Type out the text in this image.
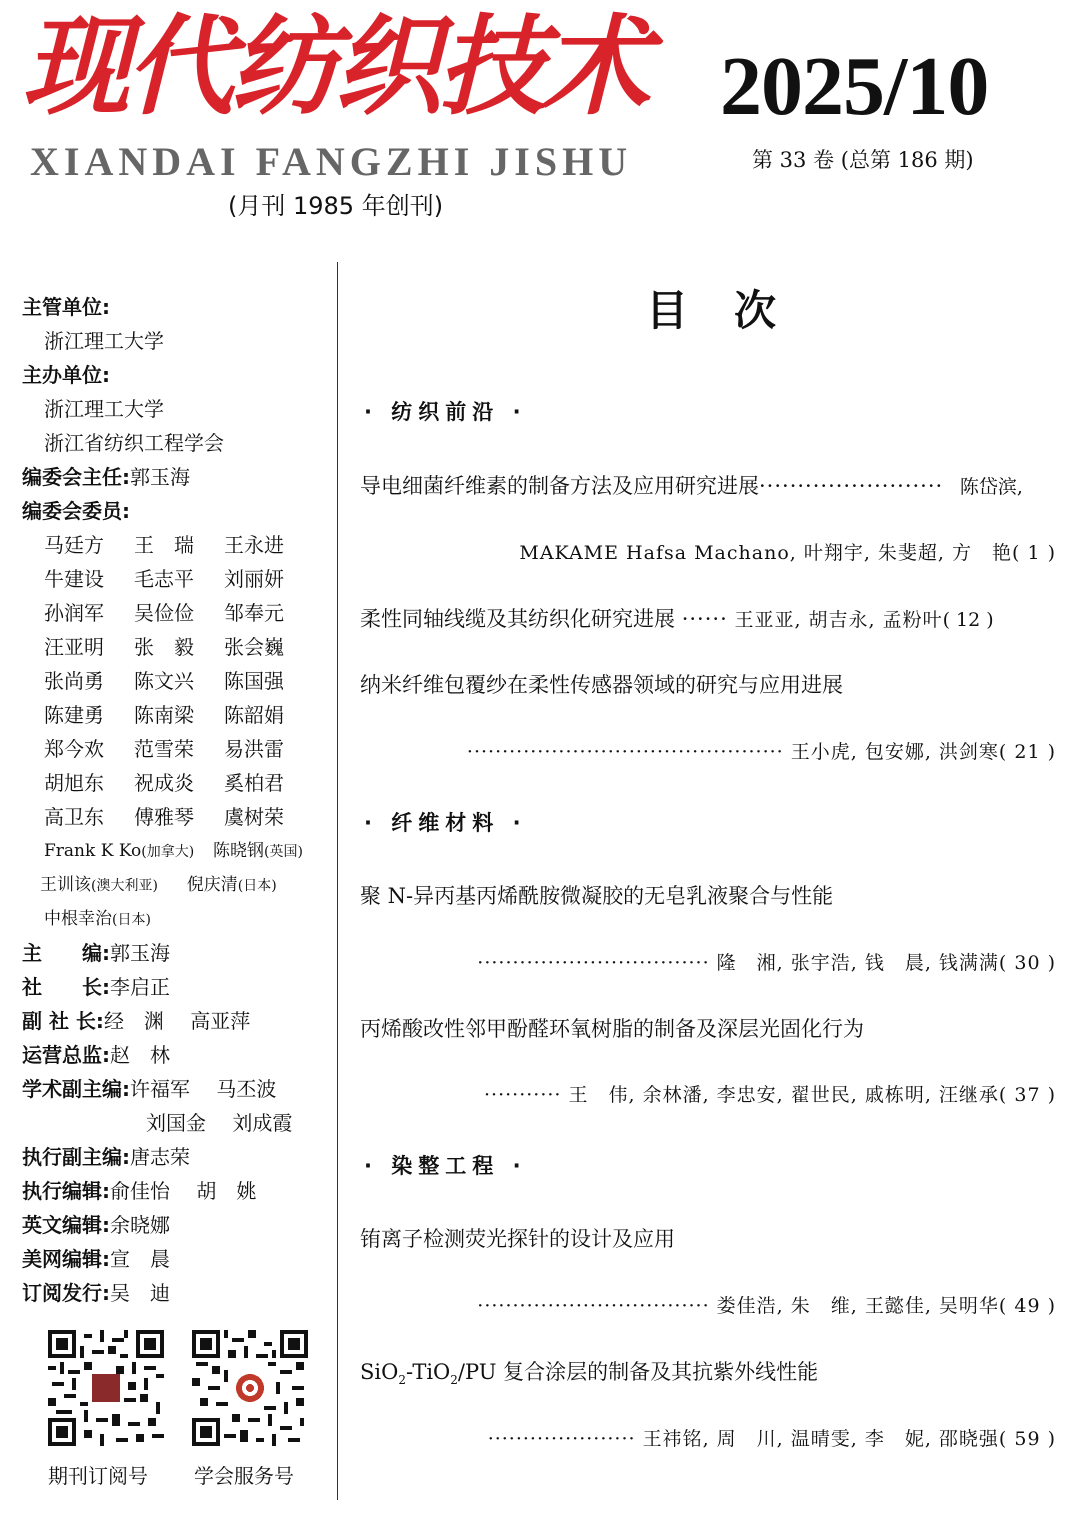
现代纺织技术
XIANDAI FANGZHI JISHU
(月刊 1985 年创刊)
2025/10
第 33 卷 (总第 186 期)
主管单位:
浙江理工大学
主办单位:
浙江理工大学
浙江省纺织工程学会
编委会主任:郭玉海
编委会委员:
马廷方 王　瑞 王永进
牛建设 毛志平 刘丽妍
孙润军 吴俭俭 邹奉元
汪亚明 张　毅 张会巍
张尚勇 陈文兴 陈国强
陈建勇 陈南梁 陈韶娟
郑今欢 范雪荣 易洪雷
胡旭东 祝成炎 奚柏君
高卫东 傅雅琴 虞树荣
Frank K Ko(加拿大) 陈晓钢(英国)
王训该(澳大利亚) 倪庆清(日本)
中根幸治(日本)
主　　编:郭玉海
社　　长:李启正
副 社 长:经　渊　 高亚萍
运营总监:赵　林
学术副主编:许福军　 马丕波
刘国金　 刘成霞
执行副主编:唐志荣
执行编辑:俞佳怡　 胡　姚
英文编辑:余晓娜
美网编辑:宣　晨
订阅发行:吴　迪
期刊订阅号 学会服务号
目次
· 纺织前沿 ·
导电细菌纤维素的制备方法及应用研究进展························ 陈岱滨,
MAKAME Hafsa Machano, 叶翔宇, 朱斐超, 方　艳( 1 )
柔性同轴线缆及其纺织化研究进展 ······ 王亚亚, 胡吉永, 孟粉叶( 12 )
纳米纤维包覆纱在柔性传感器领域的研究与应用进展
············································· 王小虎, 包安娜, 洪剑寒( 21 )
· 纤维材料 ·
聚 N-异丙基丙烯酰胺微凝胶的无皂乳液聚合与性能
································· 隆　湘, 张宇浩, 钱　晨, 钱满满( 30 )
丙烯酸改性邻甲酚醛环氧树脂的制备及深层光固化行为
··········· 王　伟, 余林潘, 李忠安, 翟世民, 戚栋明, 汪继承( 37 )
· 染整工程 ·
铕离子检测荧光探针的设计及应用
································· 娄佳浩, 朱　维, 王懿佳, 吴明华( 49 )
SiO$_2$-TiO$_2$/PU 复合涂层的制备及其抗紫外线性能
····················· 王祎铭, 周　川, 温晴雯, 李　妮, 邵晓强( 59 )
